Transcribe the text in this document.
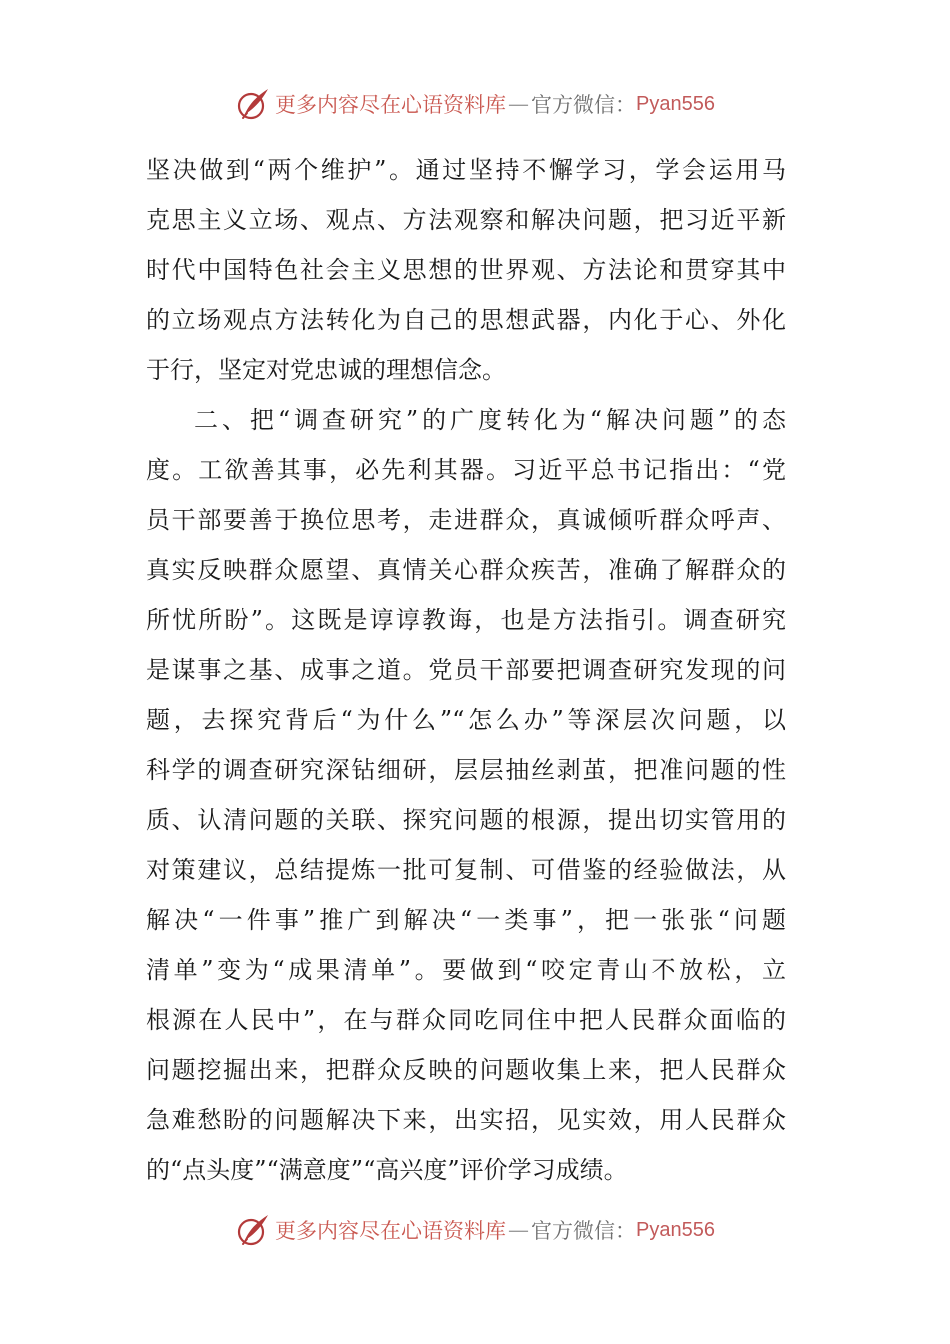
更多内容尽在心语资料库 — 官方微信： Pyan556
坚决做到“两个维护”。通过坚持不懈学习，学会运用马
克思主义立场、观点、方法观察和解决问题，把习近平新
时代中国特色社会主义思想的世界观、方法论和贯穿其中
的立场观点方法转化为自己的思想武器，内化于心、外化
于行，坚定对党忠诚的理想信念。
二、把“调查研究”的广度转化为“解决问题”的态
度。工欲善其事，必先利其器。习近平总书记指出：“党
员干部要善于换位思考，走进群众，真诚倾听群众呼声、
真实反映群众愿望、真情关心群众疾苦，准确了解群众的
所忧所盼”。这既是谆谆教诲，也是方法指引。调查研究
是谋事之基、成事之道。党员干部要把调查研究发现的问
题，去探究背后“为什么”“怎么办”等深层次问题，以
科学的调查研究深钻细研，层层抽丝剥茧，把准问题的性
质、认清问题的关联、探究问题的根源，提出切实管用的
对策建议，总结提炼一批可复制、可借鉴的经验做法，从
解决“一件事”推广到解决“一类事”，把一张张“问题
清单”变为“成果清单”。要做到“咬定青山不放松，立
根源在人民中”，在与群众同吃同住中把人民群众面临的
问题挖掘出来，把群众反映的问题收集上来，把人民群众
急难愁盼的问题解决下来，出实招，见实效，用人民群众
的“点头度”“满意度”“高兴度”评价学习成绩。
更多内容尽在心语资料库 — 官方微信： Pyan556
